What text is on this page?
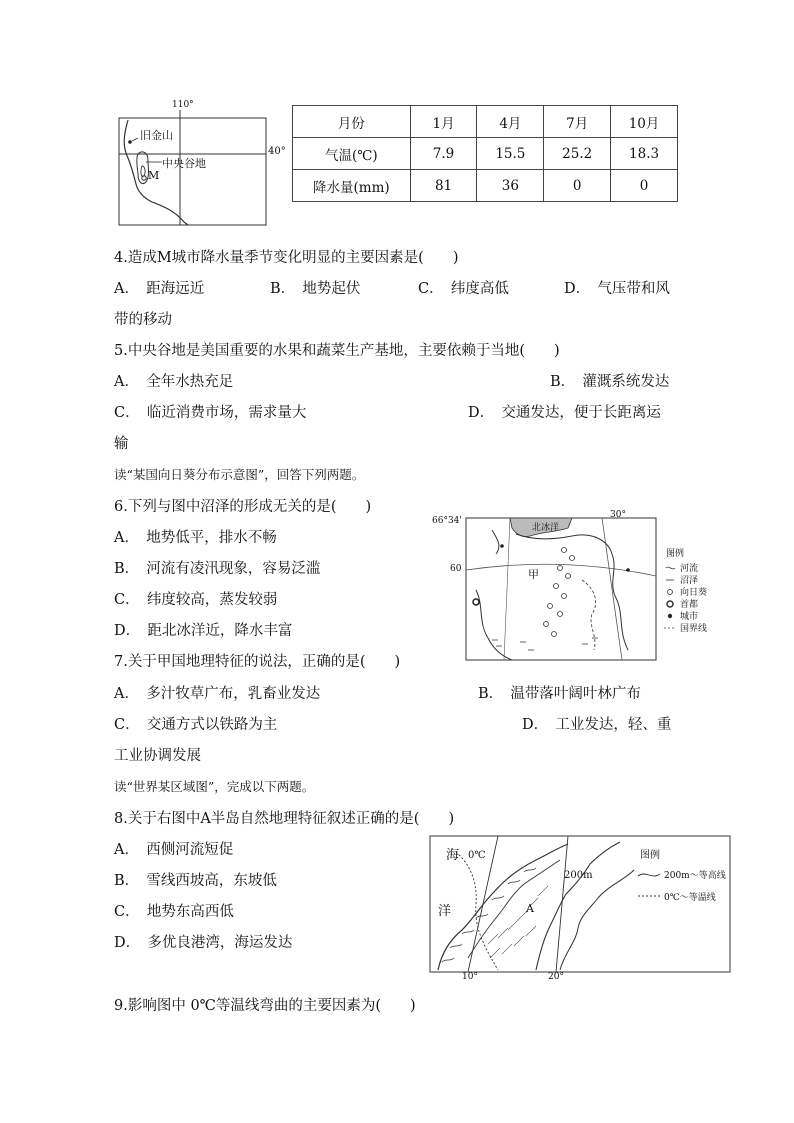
110°
40°
旧金山
中央谷地
M
月份	1月	4月	7月	10月
气温(℃)	7.9	15.5	25.2	18.3
降水量(mm)	81	36	0	0
4.造成M城市降水量季节变化明显的主要因素是(　　)
A．　距海远近	B．　地势起伏	C．　纬度高低	D．　气压带和风
带的移动
5.中央谷地是美国重要的水果和蔬菜生产基地，主要依赖于当地(　　)
A．　全年水热充足	B．　灌溉系统发达
C．　临近消费市场，需求量大	D．　交通发达，便于长距离运
输
读“某国向日葵分布示意图”，回答下列两题。
6.下列与图中沼泽的形成无关的是(　　)
A．　地势低平，排水不畅
B．　河流有凌汛现象，容易泛滥
C．　纬度较高，蒸发较弱
D．　距北冰洋近，降水丰富
66°34'
30°
60
北冰洋
甲
图例
河流
沼泽
向日葵
首都
城市
国界线
7.关于甲国地理特征的说法，正确的是(　　)
A．　多汁牧草广布，乳畜业发达	B．　温带落叶阔叶林广布
C．　交通方式以铁路为主	D．　工业发达，轻、重
工业协调发展
读“世界某区域图”，完成以下两题。
8.关于右图中A半岛自然地理特征叙述正确的是(　　)
A．　西侧河流短促
B．　雪线西坡高，东坡低
C．　地势东高西低
D．　多优良港湾，海运发达
海
洋
0℃
200m
A
10°	20°
图例
200m～等高线
0℃～等温线
9.影响图中 0℃等温线弯曲的主要因素为(　　)
